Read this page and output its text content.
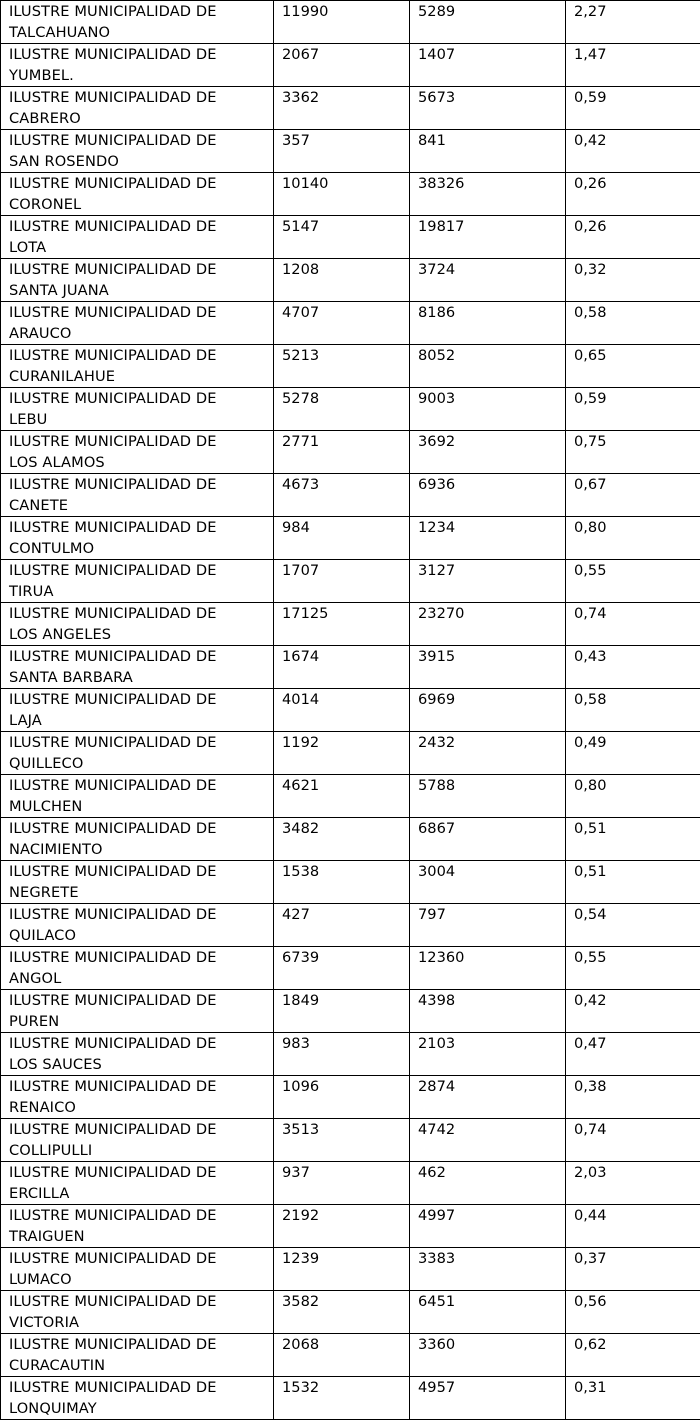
ILUSTRE MUNICIPALIDAD DE
TALCAHUANO	11990	5289	2,27

ILUSTRE MUNICIPALIDAD DE
YUMBEL.	2067	1407	1,47

ILUSTRE MUNICIPALIDAD DE
CABRERO	3362	5673	0,59

ILUSTRE MUNICIPALIDAD DE
SAN ROSENDO	357	841	0,42

ILUSTRE MUNICIPALIDAD DE
CORONEL	10140	38326	0,26

ILUSTRE MUNICIPALIDAD DE
LOTA	5147	19817	0,26

ILUSTRE MUNICIPALIDAD DE
SANTA JUANA	1208	3724	0,32

ILUSTRE MUNICIPALIDAD DE
ARAUCO	4707	8186	0,58

ILUSTRE MUNICIPALIDAD DE
CURANILAHUE	5213	8052	0,65

ILUSTRE MUNICIPALIDAD DE
LEBU	5278	9003	0,59

ILUSTRE MUNICIPALIDAD DE
LOS ALAMOS	2771	3692	0,75

ILUSTRE MUNICIPALIDAD DE
CANETE	4673	6936	0,67

ILUSTRE MUNICIPALIDAD DE
CONTULMO	984	1234	0,80

ILUSTRE MUNICIPALIDAD DE
TIRUA	1707	3127	0,55

ILUSTRE MUNICIPALIDAD DE
LOS ANGELES	17125	23270	0,74

ILUSTRE MUNICIPALIDAD DE
SANTA BARBARA	1674	3915	0,43

ILUSTRE MUNICIPALIDAD DE
LAJA	4014	6969	0,58

ILUSTRE MUNICIPALIDAD DE
QUILLECO	1192	2432	0,49

ILUSTRE MUNICIPALIDAD DE
MULCHEN	4621	5788	0,80

ILUSTRE MUNICIPALIDAD DE
NACIMIENTO	3482	6867	0,51

ILUSTRE MUNICIPALIDAD DE
NEGRETE	1538	3004	0,51

ILUSTRE MUNICIPALIDAD DE
QUILACO	427	797	0,54

ILUSTRE MUNICIPALIDAD DE
ANGOL	6739	12360	0,55

ILUSTRE MUNICIPALIDAD DE
PUREN	1849	4398	0,42

ILUSTRE MUNICIPALIDAD DE
LOS SAUCES	983	2103	0,47

ILUSTRE MUNICIPALIDAD DE
RENAICO	1096	2874	0,38

ILUSTRE MUNICIPALIDAD DE
COLLIPULLI	3513	4742	0,74

ILUSTRE MUNICIPALIDAD DE
ERCILLA	937	462	2,03

ILUSTRE MUNICIPALIDAD DE
TRAIGUEN	2192	4997	0,44

ILUSTRE MUNICIPALIDAD DE
LUMACO	1239	3383	0,37

ILUSTRE MUNICIPALIDAD DE
VICTORIA	3582	6451	0,56

ILUSTRE MUNICIPALIDAD DE
CURACAUTIN	2068	3360	0,62

ILUSTRE MUNICIPALIDAD DE
LONQUIMAY	1532	4957	0,31
